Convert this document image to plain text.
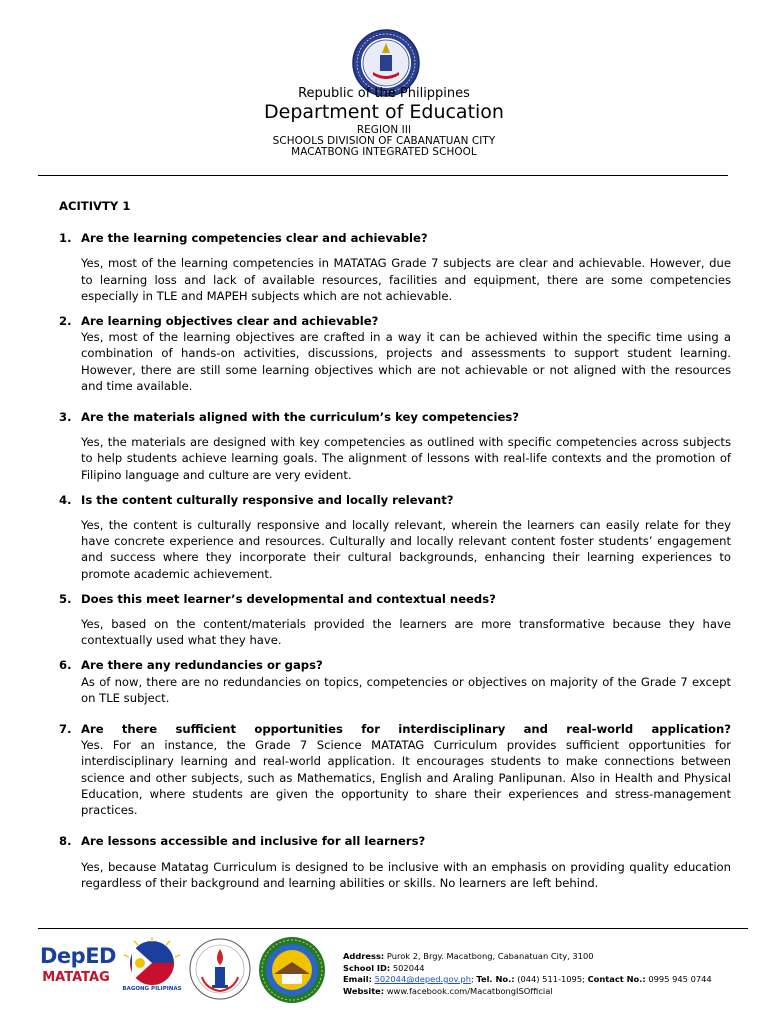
Republic of the Philippines
Department of Education
REGION III
SCHOOLS DIVISION OF CABANATUAN CITY
MACATBONG INTEGRATED SCHOOL
ACITIVTY 1
1. Are the learning competencies clear and achievable?
Yes, most of the learning competencies in MATATAG Grade 7 subjects are clear and achievable. However, due to learning loss and lack of available resources, facilities and equipment, there are some competencies especially in TLE and MAPEH subjects which are not achievable.
2. Are learning objectives clear and achievable?
Yes, most of the learning objectives are crafted in a way it can be achieved within the specific time using a combination of hands-on activities, discussions, projects and assessments to support student learning. However, there are still some learning objectives which are not achievable or not aligned with the resources and time available.
3. Are the materials aligned with the curriculum’s key competencies?
Yes, the materials are designed with key competencies as outlined with specific competencies across subjects to help students achieve learning goals. The alignment of lessons with real-life contexts and the promotion of Filipino language and culture are very evident.
4. Is the content culturally responsive and locally relevant?
Yes, the content is culturally responsive and locally relevant, wherein the learners can easily relate for they have concrete experience and resources. Culturally and locally relevant content foster students’ engagement and success where they incorporate their cultural backgrounds, enhancing their learning experiences to promote academic achievement.
5. Does this meet learner’s developmental and contextual needs?
Yes, based on the content/materials provided the learners are more transformative because they have contextually used what they have.
6. Are there any redundancies or gaps?
As of now, there are no redundancies on topics, competencies or objectives on majority of the Grade 7 except on TLE subject.
7. Are there sufficient opportunities for interdisciplinary and real-world application?
Yes. For an instance, the Grade 7 Science MATATAG Curriculum provides sufficient opportunities for interdisciplinary learning and real-world application. It encourages students to make connections between science and other subjects, such as Mathematics, English and Araling Panlipunan. Also in Health and Physical Education, where students are given the opportunity to share their experiences and stress-management practices.
8. Are lessons accessible and inclusive for all learners?
Yes, because Matatag Curriculum is designed to be inclusive with an emphasis on providing quality education regardless of their background and learning abilities or skills. No learners are left behind.
DepED
MATATAG
BAGONG PILIPINAS
Address: Purok 2, Brgy. Macatbong, Cabanatuan City, 3100
School ID: 502044
Email: 502044@deped.gov.ph; Tel. No.: (044) 511-1095; Contact No.: 0995 945 0744
Website: www.facebook.com/MacatbongISOfficial
